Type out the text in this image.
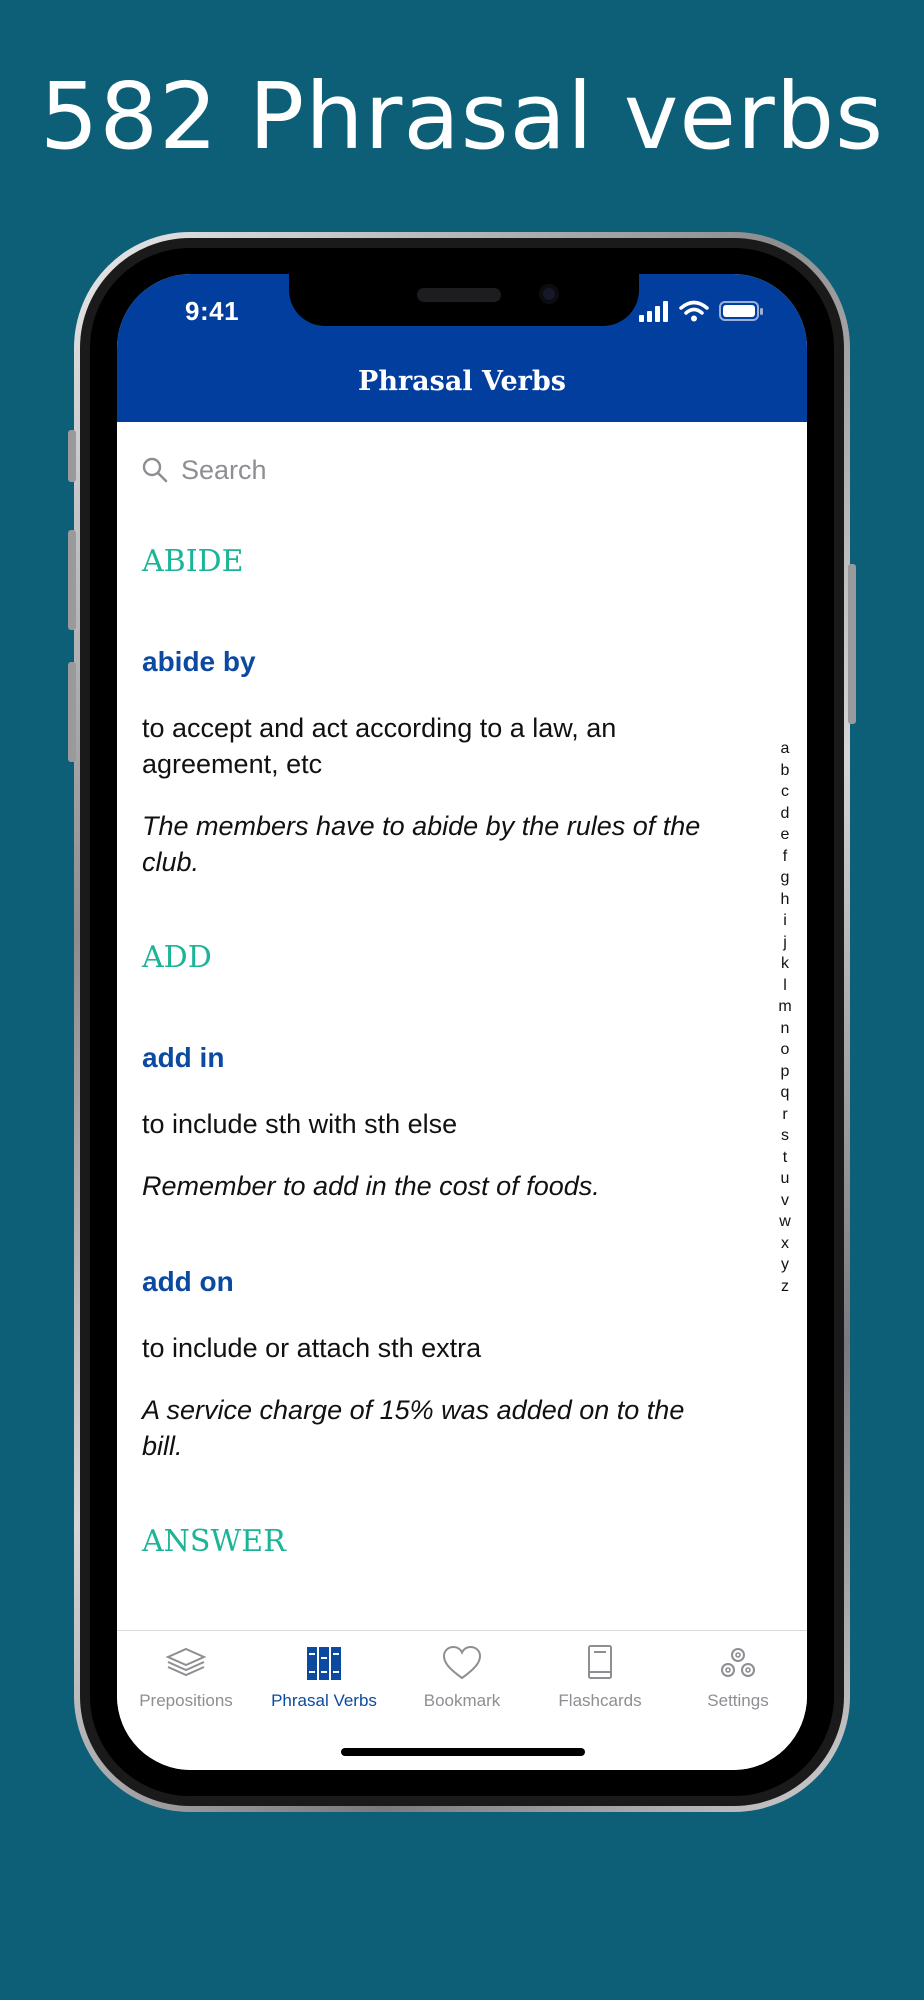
582 Phrasal verbs
9:41
Phrasal Verbs
Search
ABIDE
abide by
to accept and act according to a law, an agreement, etc
The members have to abide by the rules of the club.
ADD
add in
to include sth with sth else
Remember to add in the cost of foods.
add on
to include or attach sth extra
A service charge of 15% was added on to the bill.
ANSWER
a
b
c
d
e
f
g
h
i
j
k
l
m
n
o
p
q
r
s
t
u
v
w
x
y
z
Prepositions	Phrasal Verbs	Bookmark	Flashcards	Settings
